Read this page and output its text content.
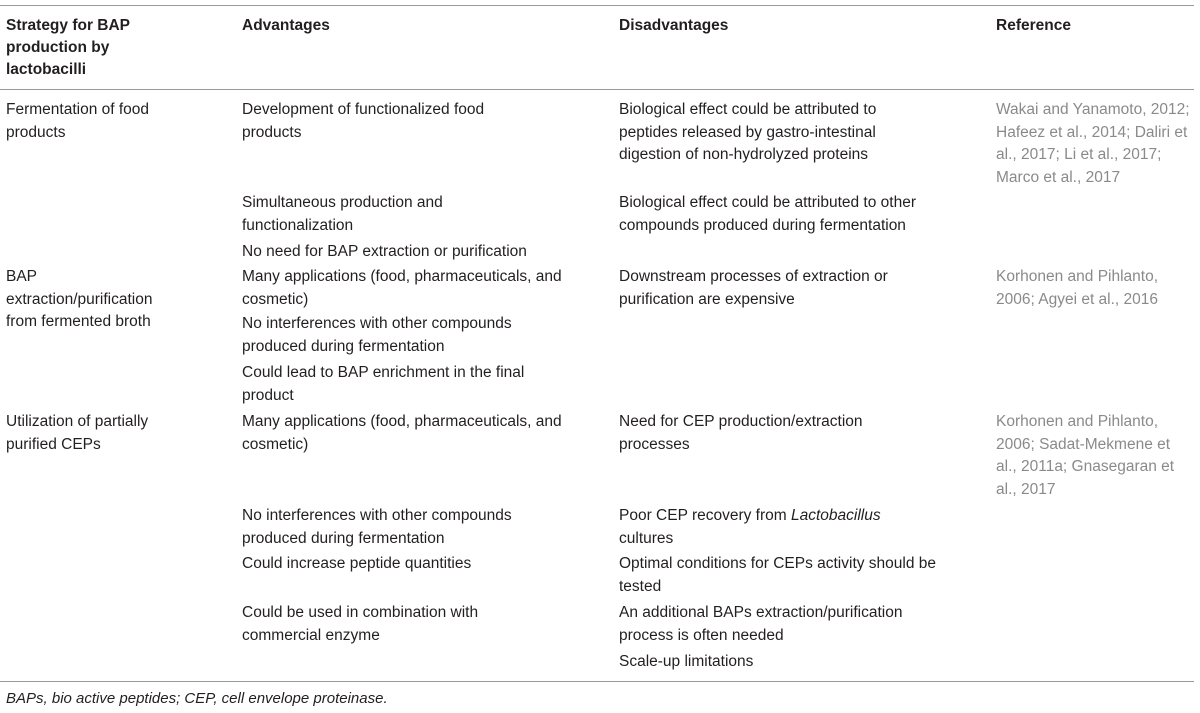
Strategy for BAP production by lactobacilli
Advantages	Disadvantages	Reference
Fermentation of food products
Development of functionalized food products
Simultaneous production and functionalization
No need for BAP extraction or purification
Biological effect could be attributed to peptides released by gastro-intestinal digestion of non-hydrolyzed proteins
Biological effect could be attributed to other compounds produced during fermentation
Wakai and Yanamoto, 2012; Hafeez et al., 2014; Daliri et al., 2017; Li et al., 2017; Marco et al., 2017
BAP extraction/purification from fermented broth
Many applications (food, pharmaceuticals, and cosmetic)
No interferences with other compounds produced during fermentation
Could lead to BAP enrichment in the final product
Downstream processes of extraction or purification are expensive
Korhonen and Pihlanto, 2006; Agyei et al., 2016
Utilization of partially purified CEPs
Many applications (food, pharmaceuticals, and cosmetic)
No interferences with other compounds produced during fermentation
Could increase peptide quantities
Could be used in combination with commercial enzyme
Need for CEP production/extraction processes
Poor CEP recovery from Lactobacillus cultures
Optimal conditions for CEPs activity should be tested
An additional BAPs extraction/purification process is often needed
Scale-up limitations
Korhonen and Pihlanto, 2006; Sadat-Mekmene et al., 2011a; Gnasegaran et al., 2017
BAPs, bio active peptides; CEP, cell envelope proteinase.
